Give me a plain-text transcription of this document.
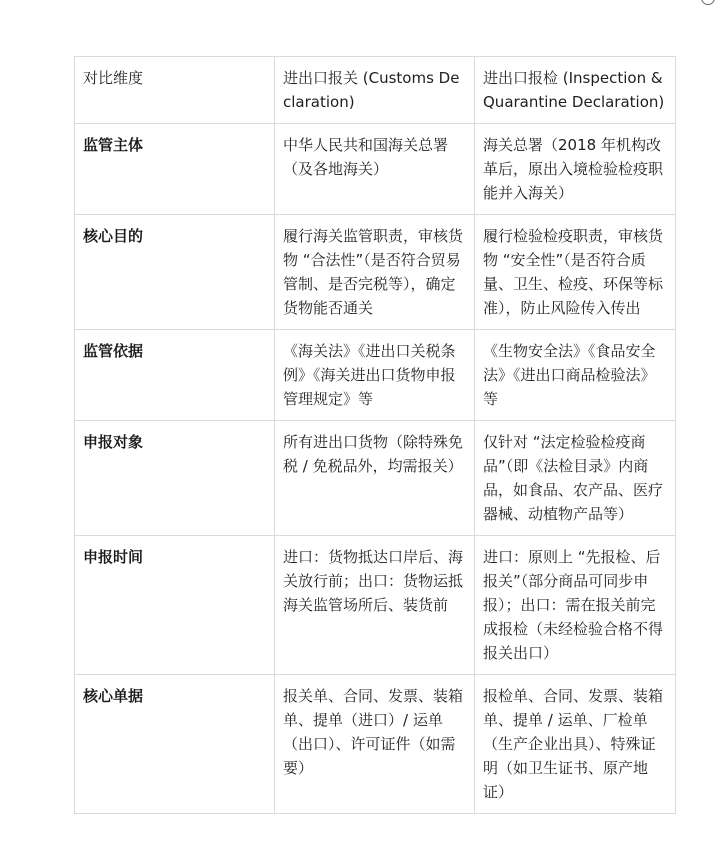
对比维度	进出口报关 (Customs Declaration)	进出口报检 (Inspection & Quarantine Declaration)
监管主体	中华人民共和国海关总署（及各地海关）	海关总署（2018 年机构改革后，原出入境检验检疫职能并入海关）
核心目的	履行海关监管职责，审核货物 “合法性”（是否符合贸易管制、是否完税等），确定货物能否通关	履行检验检疫职责，审核货物 “安全性”（是否符合质量、卫生、检疫、环保等标准），防止风险传入传出
监管依据	《海关法》《进出口关税条例》《海关进出口货物申报管理规定》等	《生物安全法》《食品安全法》《进出口商品检验法》等
申报对象	所有进出口货物（除特殊免税 / 免税品外，均需报关）	仅针对 “法定检验检疫商品”（即《法检目录》内商品，如食品、农产品、医疗器械、动植物产品等）
申报时间	进口：货物抵达口岸后、海关放行前；出口：货物运抵海关监管场所后、装货前	进口：原则上 “先报检、后报关”（部分商品可同步申报）；出口：需在报关前完成报检（未经检验合格不得报关出口）
核心单据	报关单、合同、发票、装箱单、提单（进口）/ 运单（出口）、许可证件（如需要）	报检单、合同、发票、装箱单、提单 / 运单、厂检单（生产企业出具）、特殊证明（如卫生证书、原产地证）
